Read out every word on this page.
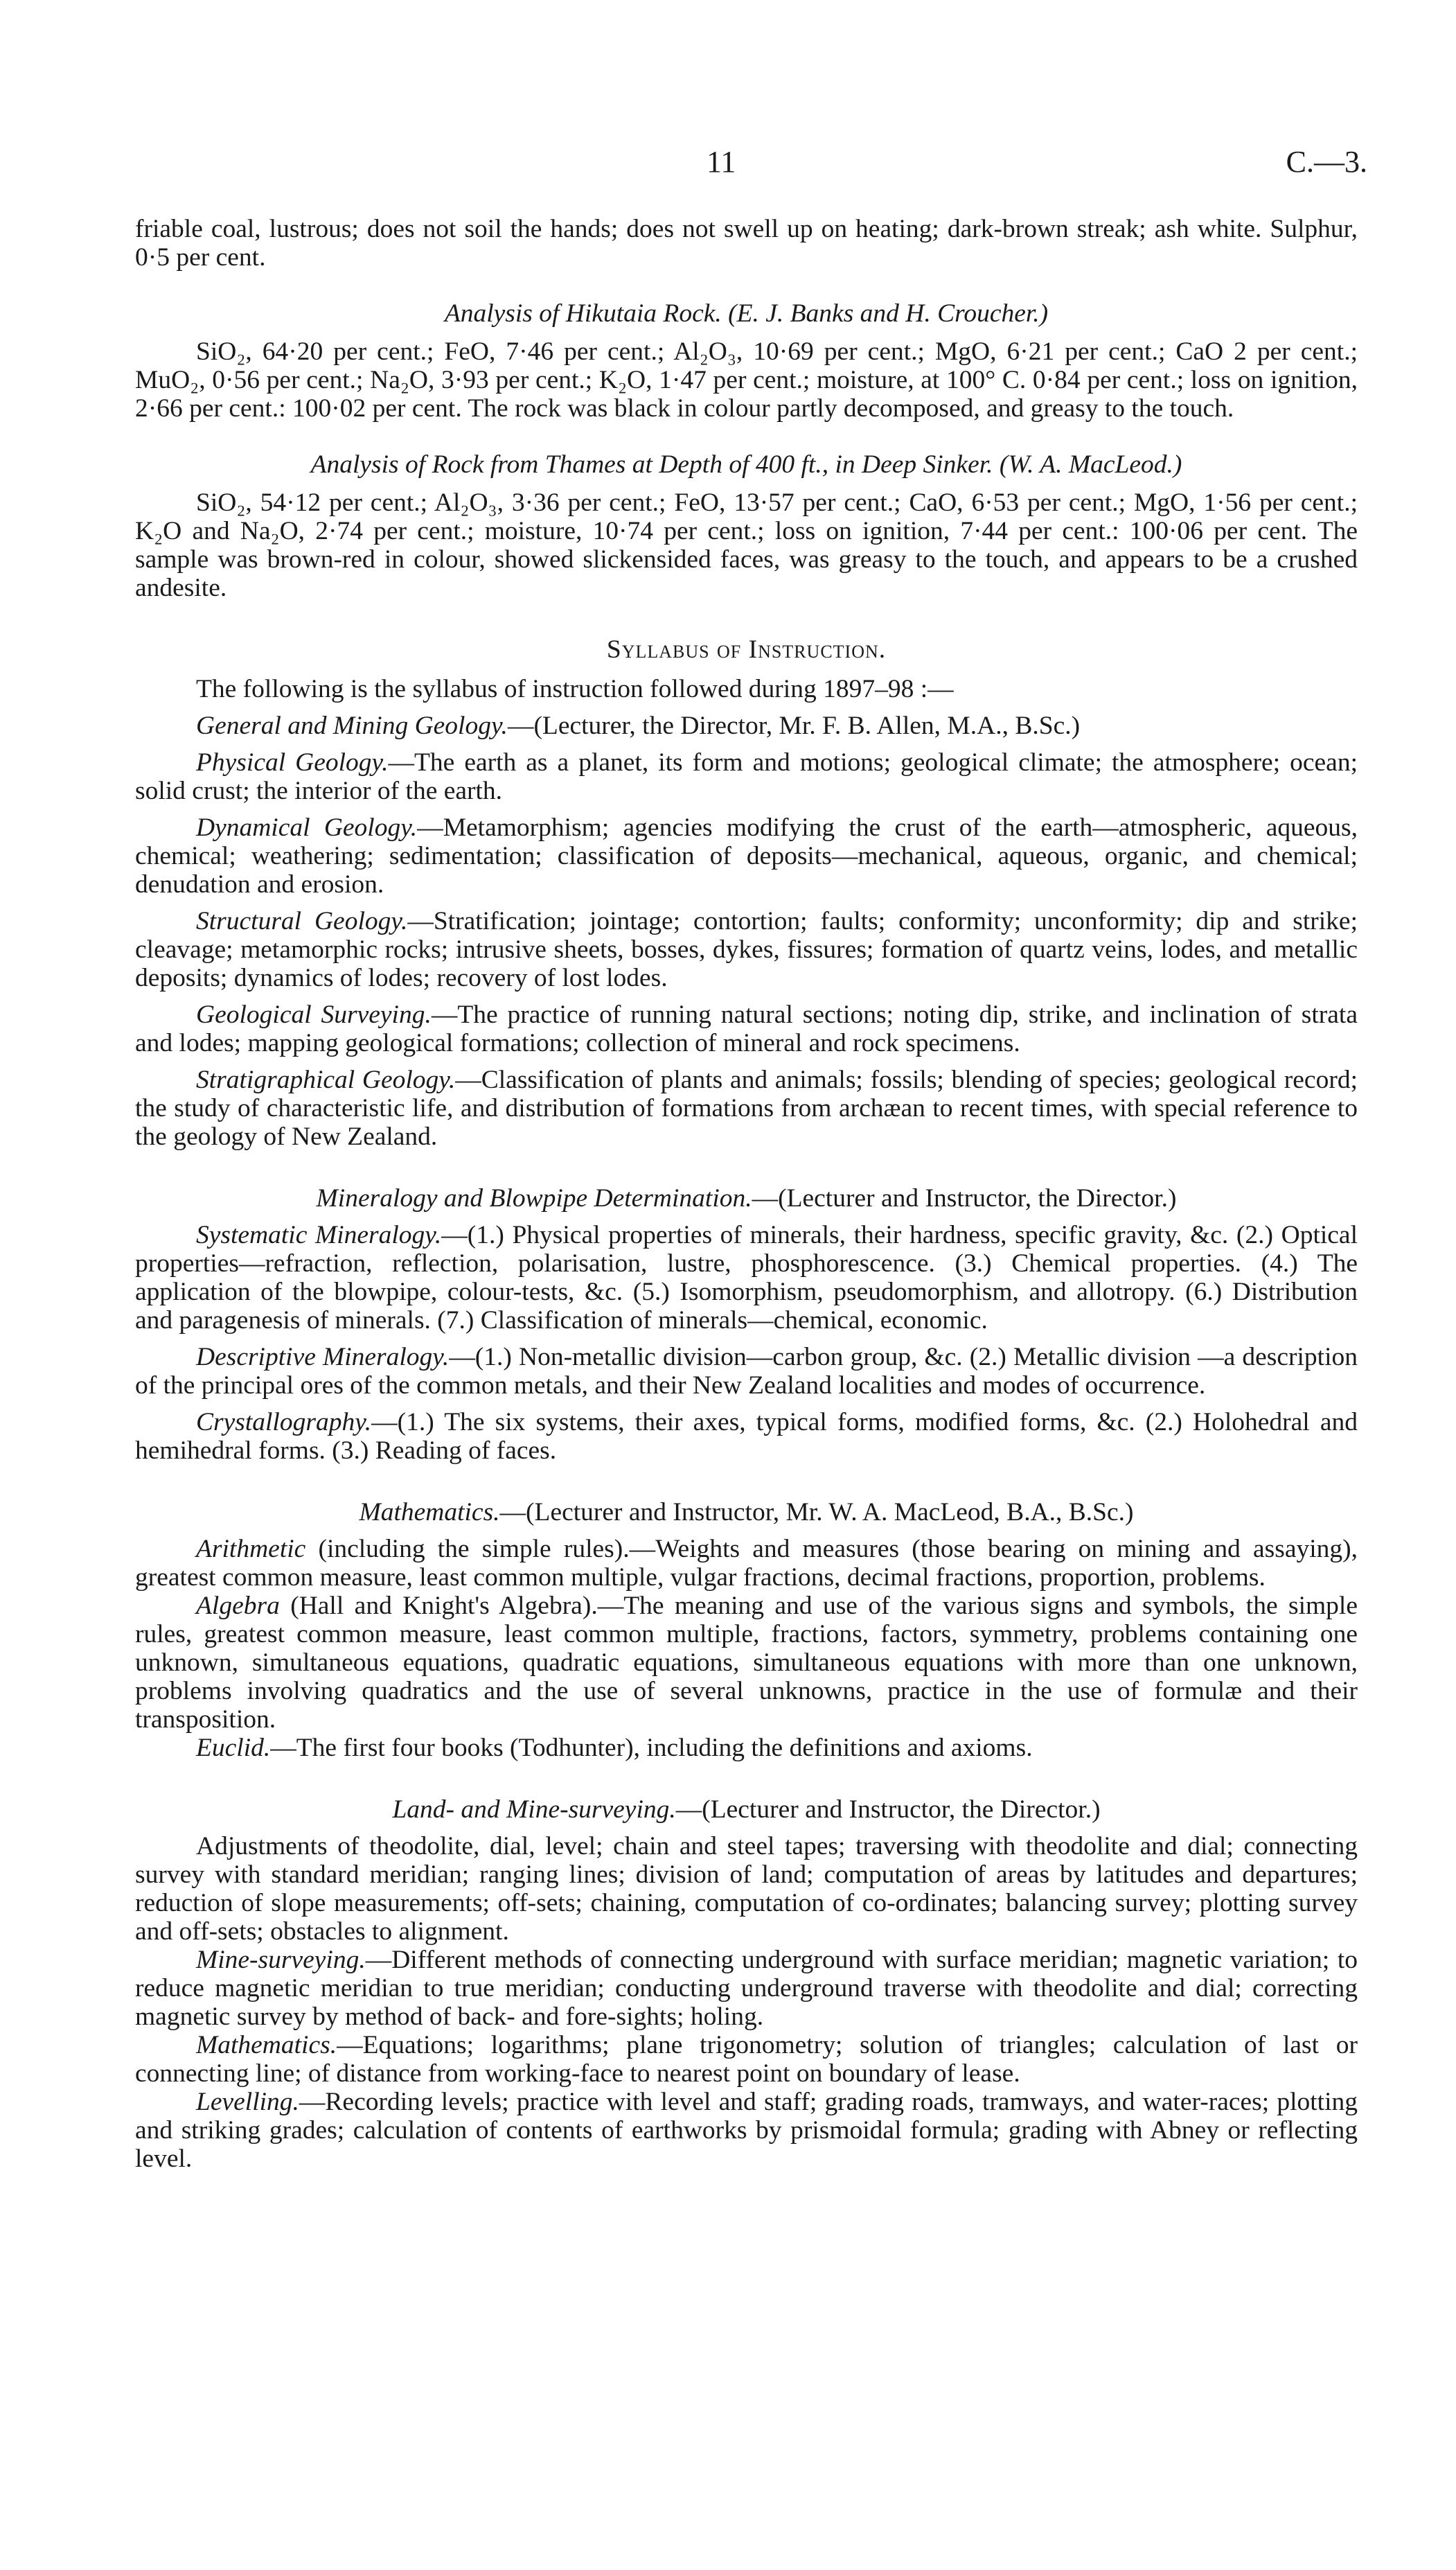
11	C.—3.

friable coal, lustrous; does not soil the hands; does not swell up on heating; dark-brown streak; ash white. Sulphur, 0·5 per cent.

Analysis of Hikutaia Rock. (E. J. Banks and H. Croucher.)

SiO₂, 64·20 per cent.; FeO, 7·46 per cent.; Al₂O₃, 10·69 per cent.; MgO, 6·21 per cent.; CaO 2 per cent.; MuO₂, 0·56 per cent.; Na₂O, 3·93 per cent.; K₂O, 1·47 per cent.; moisture, at 100° C. 0·84 per cent.; loss on ignition, 2·66 per cent.: 100·02 per cent. The rock was black in colour partly decomposed, and greasy to the touch.

Analysis of Rock from Thames at Depth of 400 ft., in Deep Sinker. (W. A. MacLeod.)

SiO₂, 54·12 per cent.; Al₂O₃, 3·36 per cent.; FeO, 13·57 per cent.; CaO, 6·53 per cent.; MgO, 1·56 per cent.; K₂O and Na₂O, 2·74 per cent.; moisture, 10·74 per cent.; loss on ignition, 7·44 per cent.: 100·06 per cent. The sample was brown-red in colour, showed slickensided faces, was greasy to the touch, and appears to be a crushed andesite.

Syllabus of Instruction.

The following is the syllabus of instruction followed during 1897–98 :—

General and Mining Geology.—(Lecturer, the Director, Mr. F. B. Allen, M.A., B.Sc.)

Physical Geology.—The earth as a planet, its form and motions; geological climate; the atmosphere; ocean; solid crust; the interior of the earth.

Dynamical Geology.—Metamorphism; agencies modifying the crust of the earth—atmospheric, aqueous, chemical; weathering; sedimentation; classification of deposits—mechanical, aqueous, organic, and chemical; denudation and erosion.

Structural Geology.—Stratification; jointage; contortion; faults; conformity; unconformity; dip and strike; cleavage; metamorphic rocks; intrusive sheets, bosses, dykes, fissures; formation of quartz veins, lodes, and metallic deposits; dynamics of lodes; recovery of lost lodes.

Geological Surveying.—The practice of running natural sections; noting dip, strike, and inclination of strata and lodes; mapping geological formations; collection of mineral and rock specimens.

Stratigraphical Geology.—Classification of plants and animals; fossils; blending of species; geological record; the study of characteristic life, and distribution of formations from archæan to recent times, with special reference to the geology of New Zealand.

Mineralogy and Blowpipe Determination.—(Lecturer and Instructor, the Director.)

Systematic Mineralogy.—(1.) Physical properties of minerals, their hardness, specific gravity, &c. (2.) Optical properties—refraction, reflection, polarisation, lustre, phosphorescence. (3.) Chemical properties. (4.) The application of the blowpipe, colour-tests, &c. (5.) Isomorphism, pseudomorphism, and allotropy. (6.) Distribution and paragenesis of minerals. (7.) Classification of minerals—chemical, economic.

Descriptive Mineralogy.—(1.) Non-metallic division—carbon group, &c. (2.) Metallic division —a description of the principal ores of the common metals, and their New Zealand localities and modes of occurrence.

Crystallography.—(1.) The six systems, their axes, typical forms, modified forms, &c. (2.) Holohedral and hemihedral forms. (3.) Reading of faces.

Mathematics.—(Lecturer and Instructor, Mr. W. A. MacLeod, B.A., B.Sc.)

Arithmetic (including the simple rules).—Weights and measures (those bearing on mining and assaying), greatest common measure, least common multiple, vulgar fractions, decimal fractions, proportion, problems.

Algebra (Hall and Knight's Algebra).—The meaning and use of the various signs and symbols, the simple rules, greatest common measure, least common multiple, fractions, factors, symmetry, problems containing one unknown, simultaneous equations, quadratic equations, simultaneous equations with more than one unknown, problems involving quadratics and the use of several unknowns, practice in the use of formulæ and their transposition.

Euclid.—The first four books (Todhunter), including the definitions and axioms.

Land- and Mine-surveying.—(Lecturer and Instructor, the Director.)

Adjustments of theodolite, dial, level; chain and steel tapes; traversing with theodolite and dial; connecting survey with standard meridian; ranging lines; division of land; computation of areas by latitudes and departures; reduction of slope measurements; off-sets; chaining, computation of co-ordinates; balancing survey; plotting survey and off-sets; obstacles to alignment.

Mine-surveying.—Different methods of connecting underground with surface meridian; magnetic variation; to reduce magnetic meridian to true meridian; conducting underground traverse with theodolite and dial; correcting magnetic survey by method of back- and fore-sights; holing.

Mathematics.—Equations; logarithms; plane trigonometry; solution of triangles; calculation of last or connecting line; of distance from working-face to nearest point on boundary of lease.

Levelling.—Recording levels; practice with level and staff; grading roads, tramways, and water-races; plotting and striking grades; calculation of contents of earthworks by prismoidal formula; grading with Abney or reflecting level.
